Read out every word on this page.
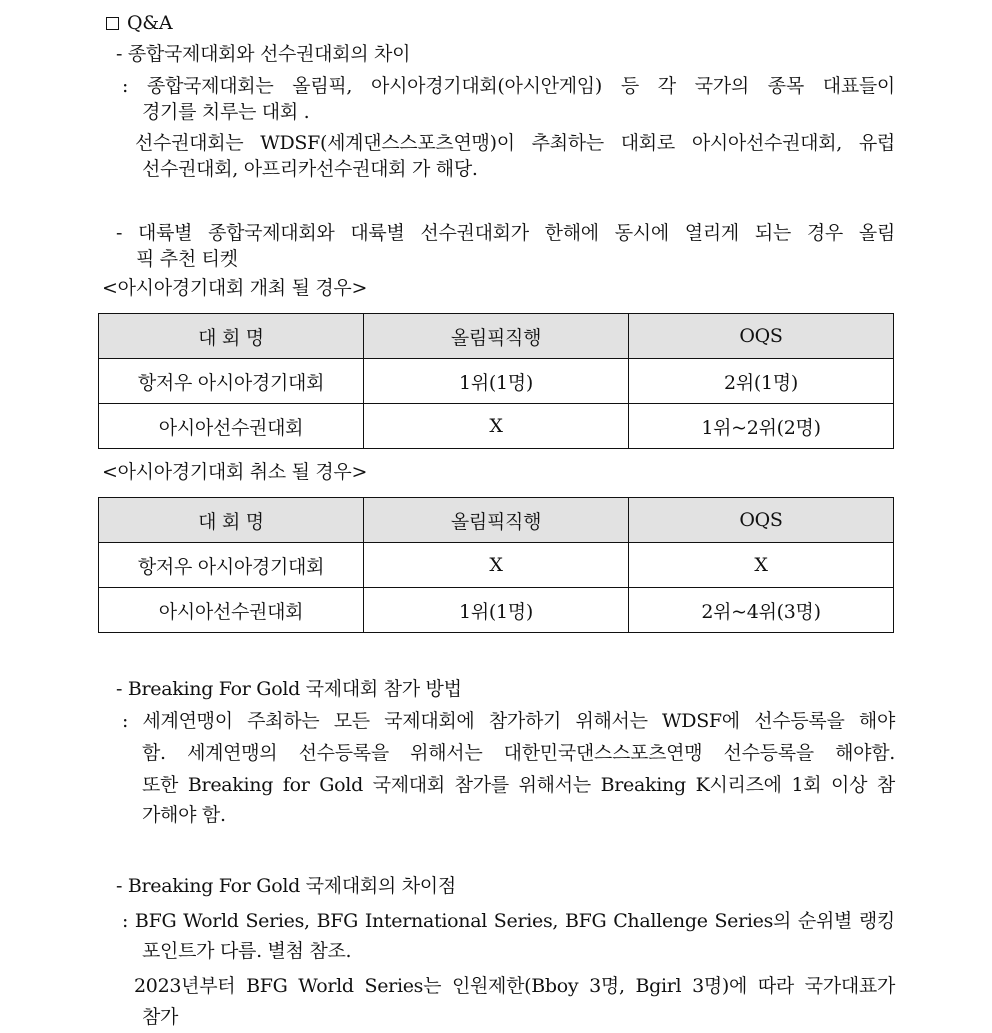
Q&A
- 종합국제대회와 선수권대회의 차이
: 종합국제대회는 올림픽, 아시아경기대회(아시안게임) 등 각 국가의 종목 대표들이
경기를 치루는 대회 .
선수권대회는 WDSF(세계댄스스포츠연맹)이 추최하는 대회로 아시아선수권대회, 유럽
선수권대회, 아프리카선수권대회 가 해당.
- 대륙별 종합국제대회와 대륙별 선수권대회가 한해에 동시에 열리게 되는 경우 올림
픽 추천 티켓
<아시아경기대회 개최 될 경우>
대 회 명	올림픽직행	OQS
항저우 아시아경기대회	1위(1명)	2위(1명)
아시아선수권대회	X	1위~2위(2명)
<아시아경기대회 취소 될 경우>
대 회 명	올림픽직행	OQS
항저우 아시아경기대회	X	X
아시아선수권대회	1위(1명)	2위~4위(3명)
- Breaking For Gold 국제대회 참가 방법
: 세계연맹이 주최하는 모든 국제대회에 참가하기 위해서는 WDSF에 선수등록을 해야
함. 세계연맹의 선수등록을 위해서는 대한민국댄스스포츠연맹 선수등록을 해야함.
또한 Breaking for Gold 국제대회 참가를 위해서는 Breaking K시리즈에 1회 이상 참
가해야 함.
- Breaking For Gold 국제대회의 차이점
: BFG World Series, BFG International Series, BFG Challenge Series의 순위별 랭킹
포인트가 다름. 별첨 참조.
2023년부터 BFG World Series는 인원제한(Bboy 3명, Bgirl 3명)에 따라 국가대표가
참가
